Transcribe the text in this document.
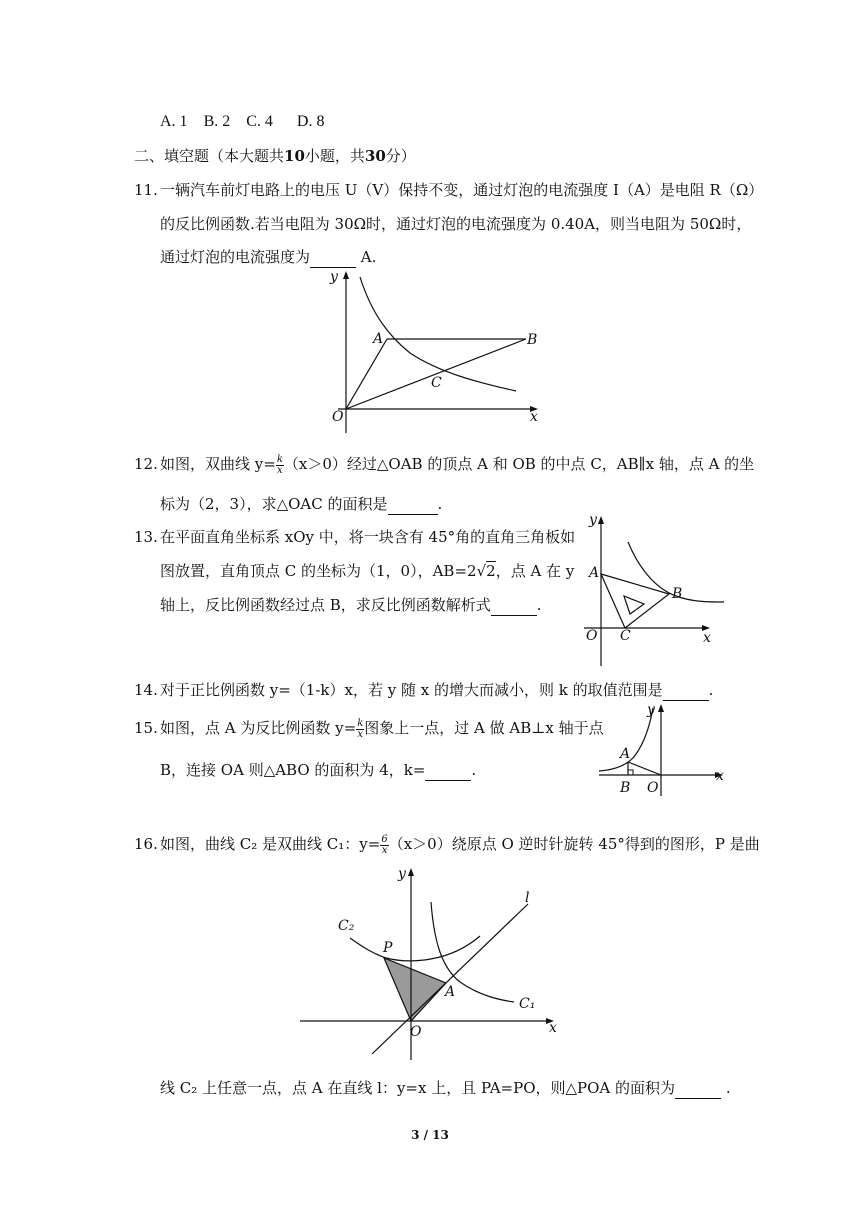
A. 1 B. 2 C. 4 D. 8
二、填空题（本大题共10小题，共30分）
11. 一辆汽车前灯电路上的电压 U（V）保持不变，通过灯泡的电流强度 I（A）是电阻 R（Ω）
的反比例函数.若当电阻为 30Ω时，通过灯泡的电流强度为 0.40A，则当电阻为 50Ω时，
通过灯泡的电流强度为	A.
y
x
O
A	B
C
12. 如图，双曲线 $y= \frac{k}{x} (x>0)$经过△OAB 的顶点 A 和 OB 的中点 C，AB∥x 轴，点 A 的坐
标为（2，3），求△OAC 的面积是	.
13. 在平面直角坐标系 xOy 中，将一块含有 45°角的直角三角板如
图放置，直角顶点 C 的坐标为（1，0），AB=2√2，点 A 在 y
轴上，反比例函数经过点 B，求反比例函数解析式	.
y
x
O
A
B
C
14. 对于正比例函数 y=（1-k）x，若 y 随 x 的增大而减小，则 k 的取值范围是	.
15. 如图，点 A 为反比例函数 $y= \frac{k}{x}$ 图象上一点，过 A 做 AB⊥x 轴于点
B，连接 OA 则△ABO 的面积为 4，k=	.
y
x
A
B O
16. 如图，曲线 C₂ 是双曲线 C₁：$y= \frac{6}{x} (x>0)$绕原点 O 逆时针旋转 45°得到的图形，P 是曲
线 C₂ 上任意一点，点 A 在直线 l：y=x 上，且 PA=PO，则△POA 的面积为	.
y
x
O
P
A
l
C₁
C₂
3 / 13
